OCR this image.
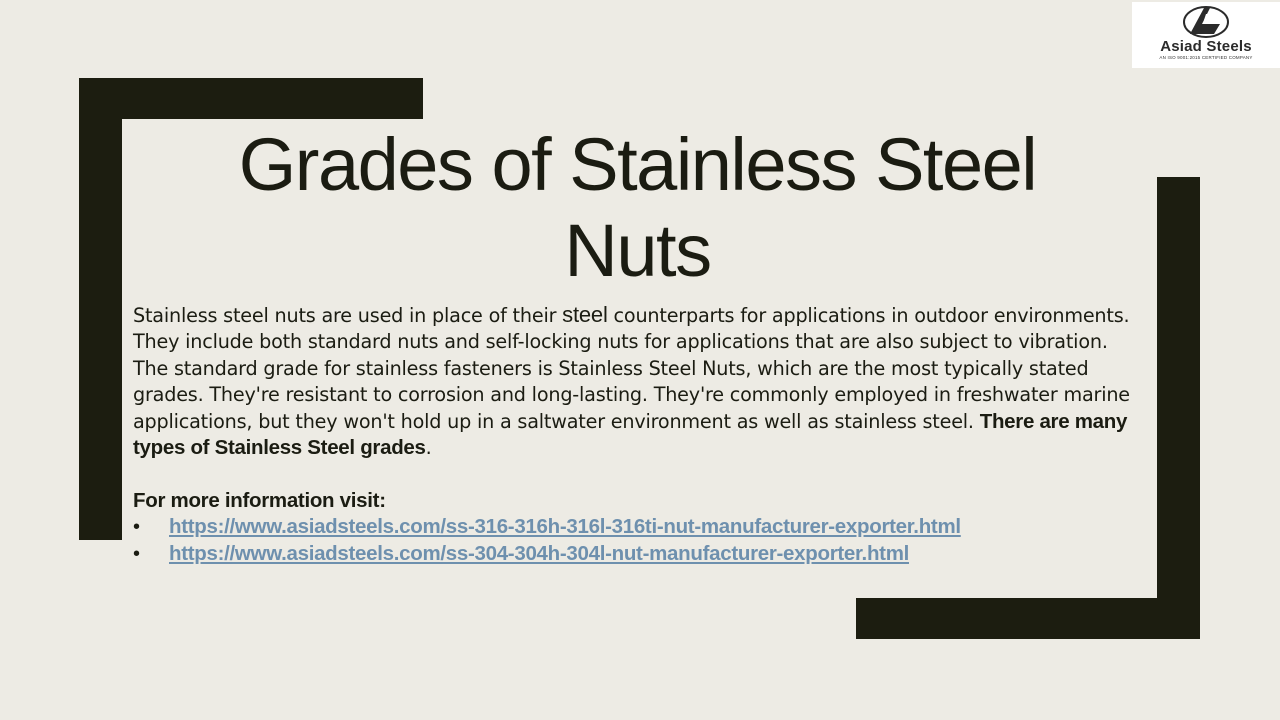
Asiad Steels
AN ISO 9001:2015 CERTIFIED COMPANY
Grades of Stainless Steel Nuts

Stainless steel nuts are used in place of their steel counterparts for applications in outdoor environments. They include both standard nuts and self-locking nuts for applications that are also subject to vibration. The standard grade for stainless fasteners is Stainless Steel Nuts, which are the most typically stated grades. They're resistant to corrosion and long-lasting. They're commonly employed in freshwater marine applications, but they won't hold up in a saltwater environment as well as stainless steel. There are many types of Stainless Steel grades.

For more information visit:

• https://www.asiadsteels.com/ss-316-316h-316l-316ti-nut-manufacturer-exporter.html
• https://www.asiadsteels.com/ss-304-304h-304l-nut-manufacturer-exporter.html
